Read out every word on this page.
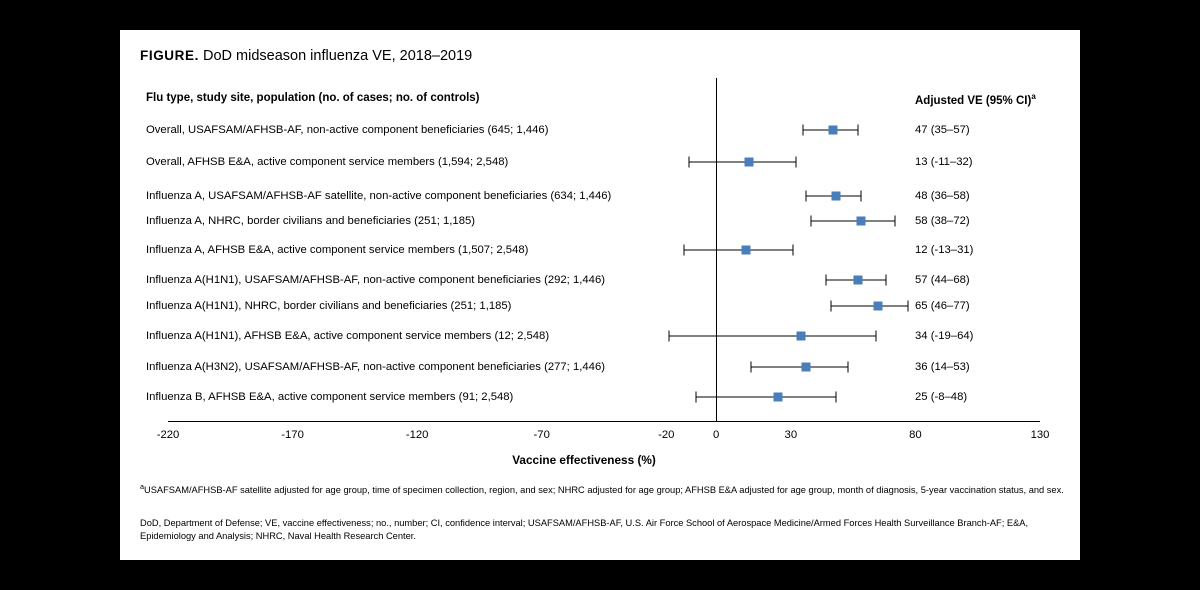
FIGURE. DoD midseason influenza VE, 2018–2019
Flu type, study site, population (no. of cases; no. of controls)	Adjusted VE (95% CI)$^a$
Overall, USAFSAM/AFHSB-AF, non-active component beneficiaries (645; 1,446)	47 (35–57)
Overall, AFHSB E&A, active component service members (1,594; 2,548)	13 (-11–32)
Influenza A, USAFSAM/AFHSB-AF satellite, non-active component beneficiaries (634; 1,446)	48 (36–58)
Influenza A, NHRC, border civilians and beneficiaries (251; 1,185)	58 (38–72)
Influenza A, AFHSB E&A, active component service members (1,507; 2,548)	12 (-13–31)
Influenza A(H1N1), USAFSAM/AFHSB-AF, non-active component beneficiaries (292; 1,446)	57 (44–68)
Influenza A(H1N1), NHRC, border civilians and beneficiaries (251; 1,185)	65 (46–77)
Influenza A(H1N1), AFHSB E&A, active component service members (12; 2,548)	34 (-19–64)
Influenza A(H3N2), USAFSAM/AFHSB-AF, non-active component beneficiaries (277; 1,446)	36 (14–53)
Influenza B, AFHSB E&A, active component service members (91; 2,548)	25 (-8–48)
-220	-170	-120	-70	-20	0	30	80	130
Vaccine effectiveness (%)
$^a$USAFSAM/AFHSB-AF satellite adjusted for age group, time of specimen collection, region, and sex; NHRC adjusted for age group; AFHSB E&A adjusted for age group, month of diagnosis, 5-year vaccination status, and sex.
DoD, Department of Defense; VE, vaccine effectiveness; no., number; CI, confidence interval; USAFSAM/AFHSB-AF, U.S. Air Force School of Aerospace Medicine/Armed Forces Health Surveillance Branch-AF; E&A, Epidemiology and Analysis; NHRC, Naval Health Research Center.
